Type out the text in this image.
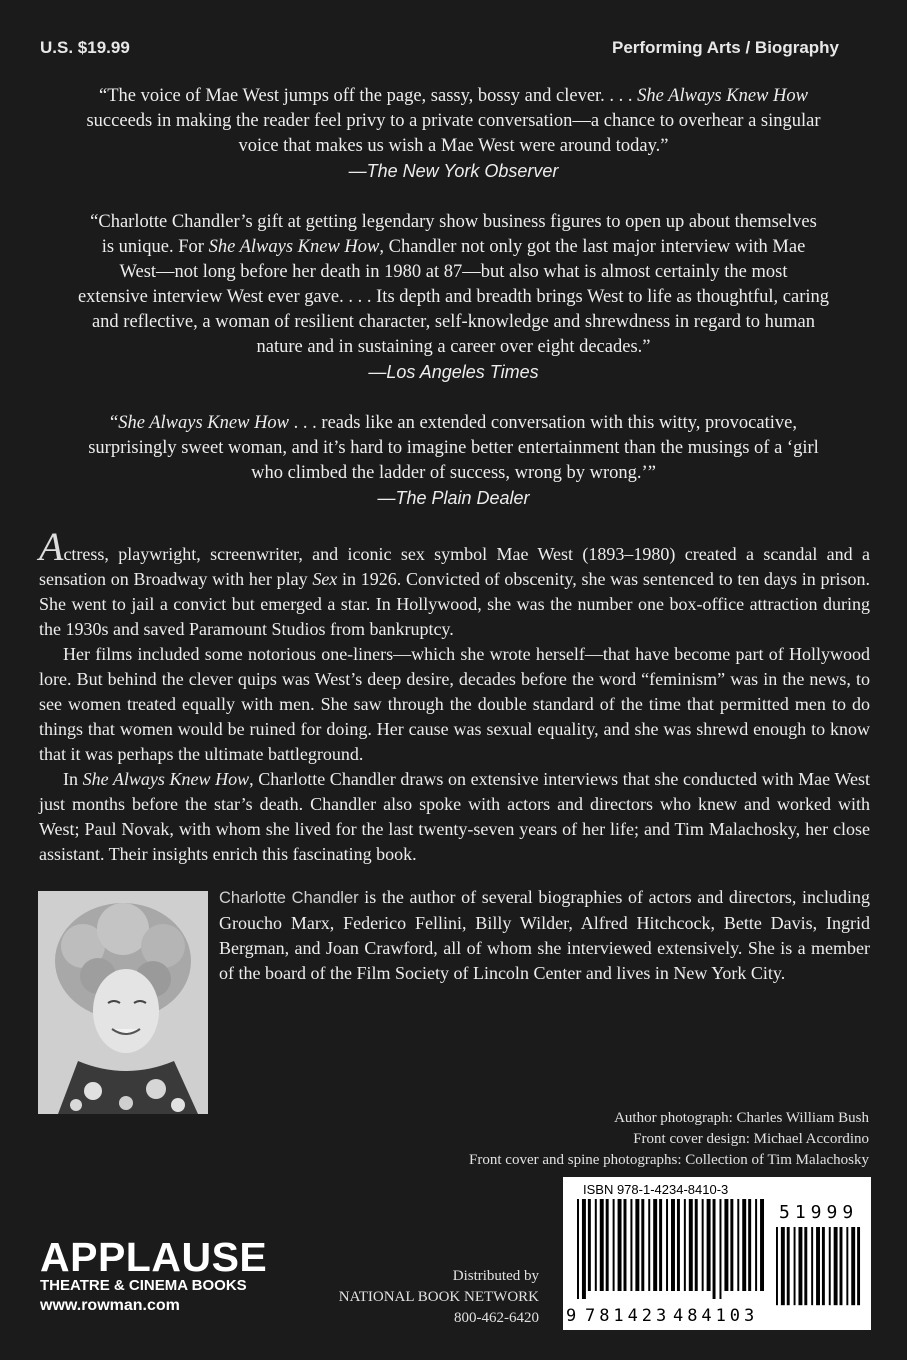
U.S. $19.99	Performing Arts / Biography
“The voice of Mae West jumps off the page, sassy, bossy and clever. . . . She Always Knew How
succeeds in making the reader feel privy to a private conversation—a chance to overhear a singular
voice that makes us wish a Mae West were around today.”
—The New York Observer
“Charlotte Chandler’s gift at getting legendary show business figures to open up about themselves
is unique. For She Always Knew How, Chandler not only got the last major interview with Mae
West—not long before her death in 1980 at 87—but also what is almost certainly the most
extensive interview West ever gave. . . . Its depth and breadth brings West to life as thoughtful, caring
and reflective, a woman of resilient character, self-knowledge and shrewdness in regard to human
nature and in sustaining a career over eight decades.”
—Los Angeles Times
“She Always Knew How . . . reads like an extended conversation with this witty, provocative,
surprisingly sweet woman, and it’s hard to imagine better entertainment than the musings of a ‘girl
who climbed the ladder of success, wrong by wrong.’”
—The Plain Dealer

Actress, playwright, screenwriter, and iconic sex symbol Mae West (1893–1980) created a scandal and a sensation on Broadway with her play Sex in 1926. Convicted of obscenity, she was sentenced to ten days in prison. She went to jail a convict but emerged a star. In Hollywood, she was the number one box-office attraction during the 1930s and saved Paramount Studios from bankruptcy.

Her films included some notorious one-liners—which she wrote herself—that have become part of Hollywood lore. But behind the clever quips was West’s deep desire, decades before the word “feminism” was in the news, to see women treated equally with men. She saw through the double standard of the time that permitted men to do things that women would be ruined for doing. Her cause was sexual equality, and she was shrewd enough to know that it was perhaps the ultimate battleground.

In She Always Knew How, Charlotte Chandler draws on extensive interviews that she conducted with Mae West just months before the star’s death. Chandler also spoke with actors and directors who knew and worked with West; Paul Novak, with whom she lived for the last twenty-seven years of her life; and Tim Malachosky, her close assistant. Their insights enrich this fascinating book.

Charlotte Chandler is the author of several biographies of actors and directors, including Groucho Marx, Federico Fellini, Billy Wilder, Alfred Hitchcock, Bette Davis, Ingrid Bergman, and Joan Crawford, all of whom she interviewed extensively. She is a member of the board of the Film Society of Lincoln Center and lives in New York City.
Author photograph: Charles William Bush
Front cover design: Michael Accordino
Front cover and spine photographs: Collection of Tim Malachosky
APPLAUSE
THEATRE & CINEMA BOOKS
www.rowman.com
Distributed by
NATIONAL BOOK NETWORK
800-462-6420
ISBN 978-1-4234-8410-3
51999
9 7 8 1 4 2 3 4 8 4 1 0 3
